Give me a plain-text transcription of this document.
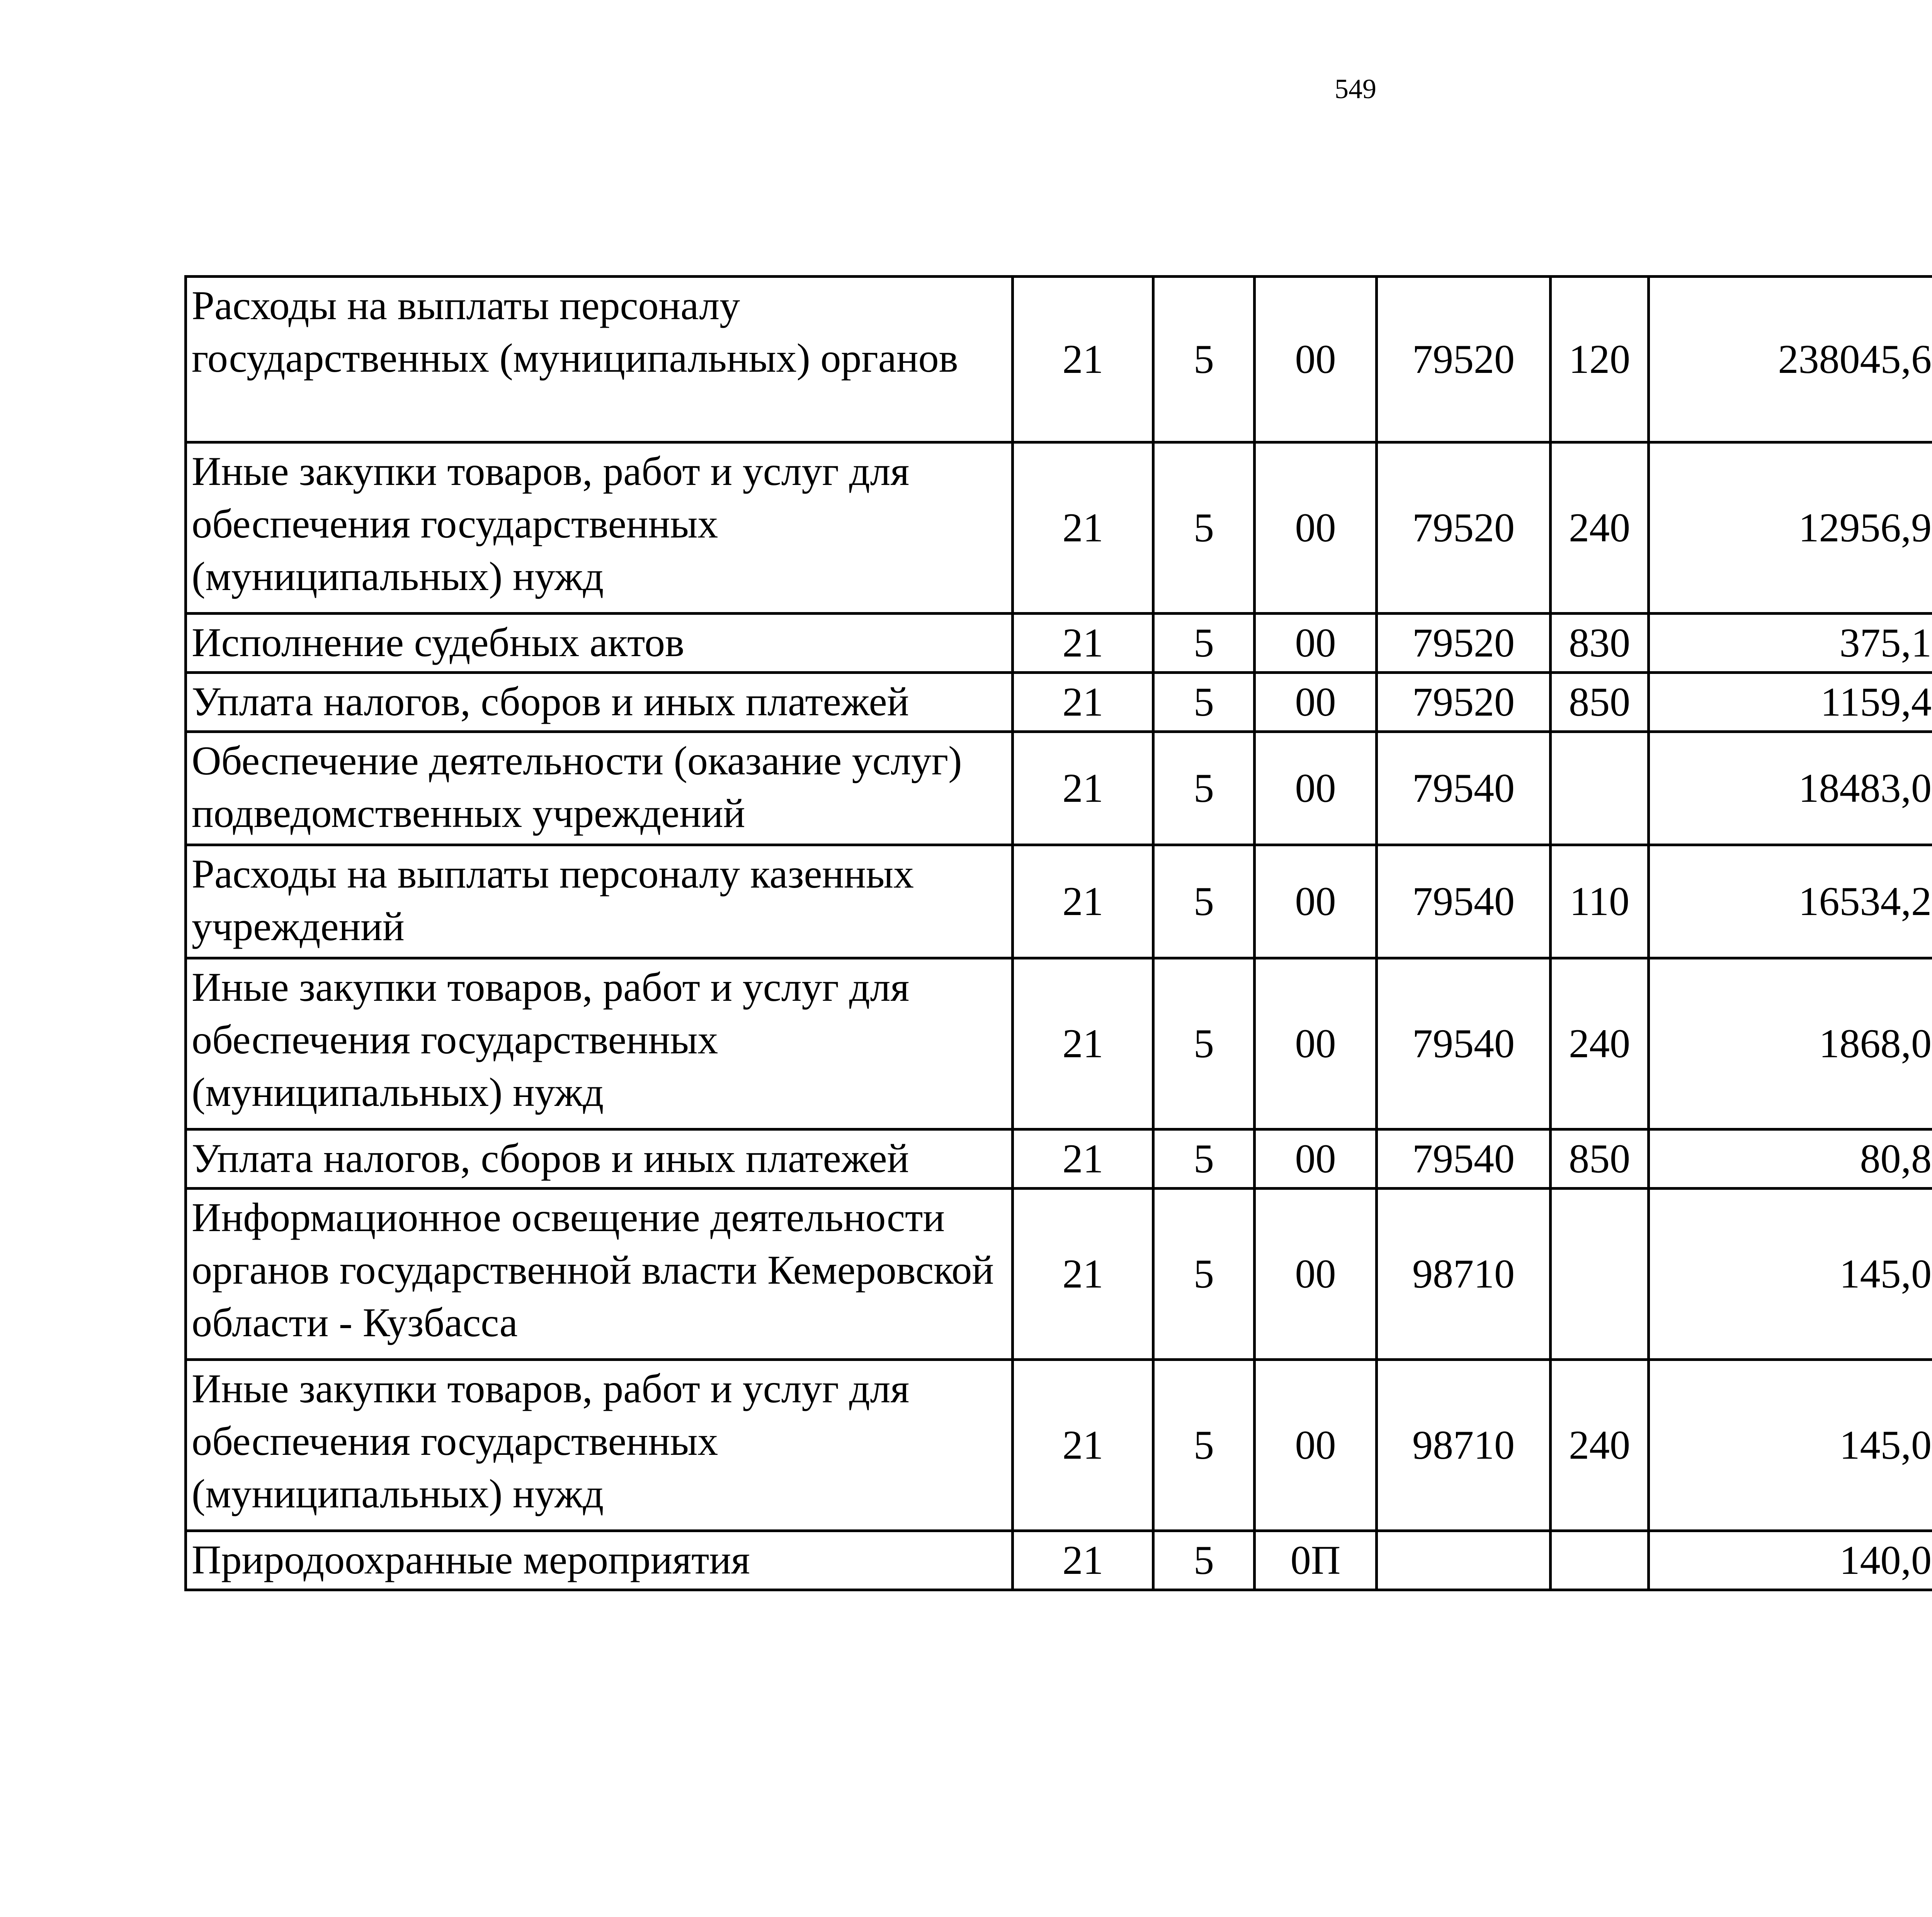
549
Расходы на выплаты персоналу государственных (муниципальных) органов	21	5	00	79520	120	238045,6		
Иные закупки товаров, работ и услуг для обеспечения государственных (муниципальных) нужд	21	5	00	79520	240	12956,9		
Исполнение судебных актов	21	5	00	79520	830	375,1		
Уплата налогов, сборов и иных платежей	21	5	00	79520	850	1159,4		
Обеспечение деятельности (оказание услуг) подведомственных учреждений	21	5	00	79540		18483,0		
Расходы на выплаты персоналу казенных учреждений	21	5	00	79540	110	16534,2		
Иные закупки товаров, работ и услуг для обеспечения государственных (муниципальных) нужд	21	5	00	79540	240	1868,0		
Уплата налогов, сборов и иных платежей	21	5	00	79540	850	80,8		
Информационное освещение деятельности органов государственной власти Кемеровской области - Кузбасса	21	5	00	98710		145,0		
Иные закупки товаров, работ и услуг для обеспечения государственных (муниципальных) нужд	21	5	00	98710	240	145,0		
Природоохранные мероприятия	21	5	0П			140,0		
